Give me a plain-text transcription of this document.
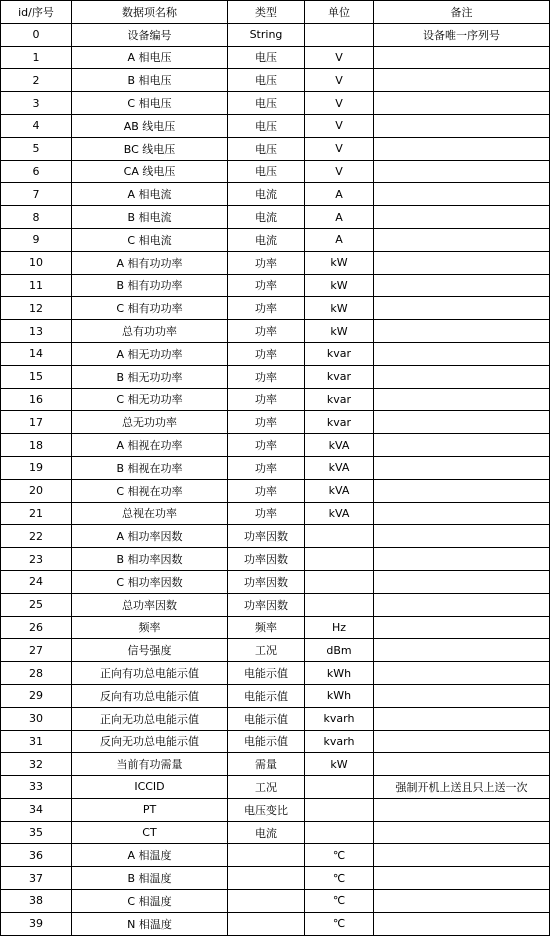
id/序号	数据项名称	类型	单位	备注
0	设备编号	String		设备唯一序列号
1	A 相电压	电压	V	
2	B 相电压	电压	V	
3	C 相电压	电压	V	
4	AB 线电压	电压	V	
5	BC 线电压	电压	V	
6	CA 线电压	电压	V	
7	A 相电流	电流	A	
8	B 相电流	电流	A	
9	C 相电流	电流	A	
10	A 相有功功率	功率	kW	
11	B 相有功功率	功率	kW	
12	C 相有功功率	功率	kW	
13	总有功功率	功率	kW	
14	A 相无功功率	功率	kvar	
15	B 相无功功率	功率	kvar	
16	C 相无功功率	功率	kvar	
17	总无功功率	功率	kvar	
18	A 相视在功率	功率	kVA	
19	B 相视在功率	功率	kVA	
20	C 相视在功率	功率	kVA	
21	总视在功率	功率	kVA	
22	A 相功率因数	功率因数		
23	B 相功率因数	功率因数		
24	C 相功率因数	功率因数		
25	总功率因数	功率因数		
26	频率	频率	Hz	
27	信号强度	工况	dBm	
28	正向有功总电能示值	电能示值	kWh	
29	反向有功总电能示值	电能示值	kWh	
30	正向无功总电能示值	电能示值	kvarh	
31	反向无功总电能示值	电能示值	kvarh	
32	当前有功需量	需量	kW	
33	ICCID	工况		强制开机上送且只上送一次
34	PT	电压变比		
35	CT	电流		
36	A 相温度		℃	
37	B 相温度		℃	
38	C 相温度		℃	
39	N 相温度		℃	
